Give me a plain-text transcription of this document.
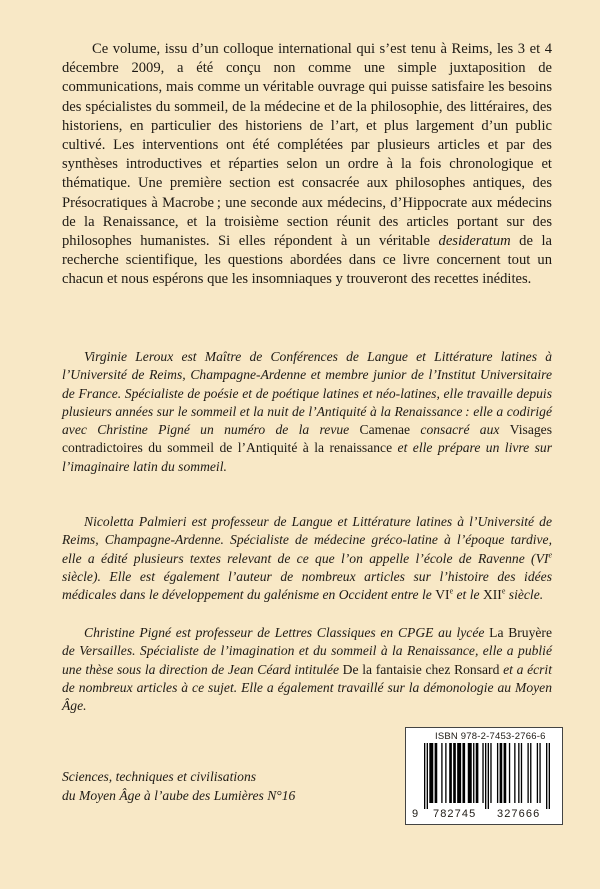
Ce volume, issu d’un colloque international qui s’est tenu à Reims, les 3 et 4 décembre 2009, a été conçu non comme une simple juxtaposition de communications, mais comme un véritable ouvrage qui puisse satisfaire les besoins des spécialistes du sommeil, de la médecine et de la philosophie, des littéraires, des historiens, en particulier des historiens de l’art, et plus largement d’un public cultivé. Les interventions ont été complétées par plusieurs articles et par des synthèses introductives et réparties selon un ordre à la fois chronologique et thématique. Une première section est consacrée aux philosophes antiques, des Présocratiques à Macrobe ; une seconde aux médecins, d’Hippocrate aux médecins de la Renaissance, et la troisième section réunit des articles portant sur des philosophes humanistes. Si elles répondent à un véritable desideratum de la recherche scientifique, les questions abordées dans ce livre concernent tout un chacun et nous espérons que les insomniaques y trouveront des recettes inédites.

Virginie Leroux est Maître de Conférences de Langue et Littérature latines à l’Université de Reims, Champagne-Ardenne et membre junior de l’Institut Universitaire de France. Spécialiste de poésie et de poétique latines et néo-latines, elle travaille depuis plusieurs années sur le sommeil et la nuit de l’Antiquité à la Renaissance : elle a codirigé avec Christine Pigné un numéro de la revue Camenae consacré aux Visages contradictoires du sommeil de l’Antiquité à la renaissance et elle prépare un livre sur l’imaginaire latin du sommeil.

Nicoletta Palmieri est professeur de Langue et Littérature latines à l’Université de Reims, Champagne-Ardenne. Spécialiste de médecine gréco-latine à l’époque tardive, elle a édité plusieurs textes relevant de ce que l’on appelle l’école de Ravenne (VIe siècle). Elle est également l’auteur de nombreux articles sur l’histoire des idées médicales dans le développement du galénisme en Occident entre le VIe et le XIIe siècle.

Christine Pigné est professeur de Lettres Classiques en CPGE au lycée La Bruyère de Versailles. Spécialiste de l’imagination et du sommeil à la Renaissance, elle a publié une thèse sous la direction de Jean Céard intitulée De la fantaisie chez Ronsard et a écrit de nombreux articles à ce sujet. Elle a également travaillé sur la démonologie au Moyen Âge.

Sciences, techniques et civilisations
du Moyen Âge à l’aube des Lumières N°16
ISBN 978-2-7453-2766-6
9 782745 327666
